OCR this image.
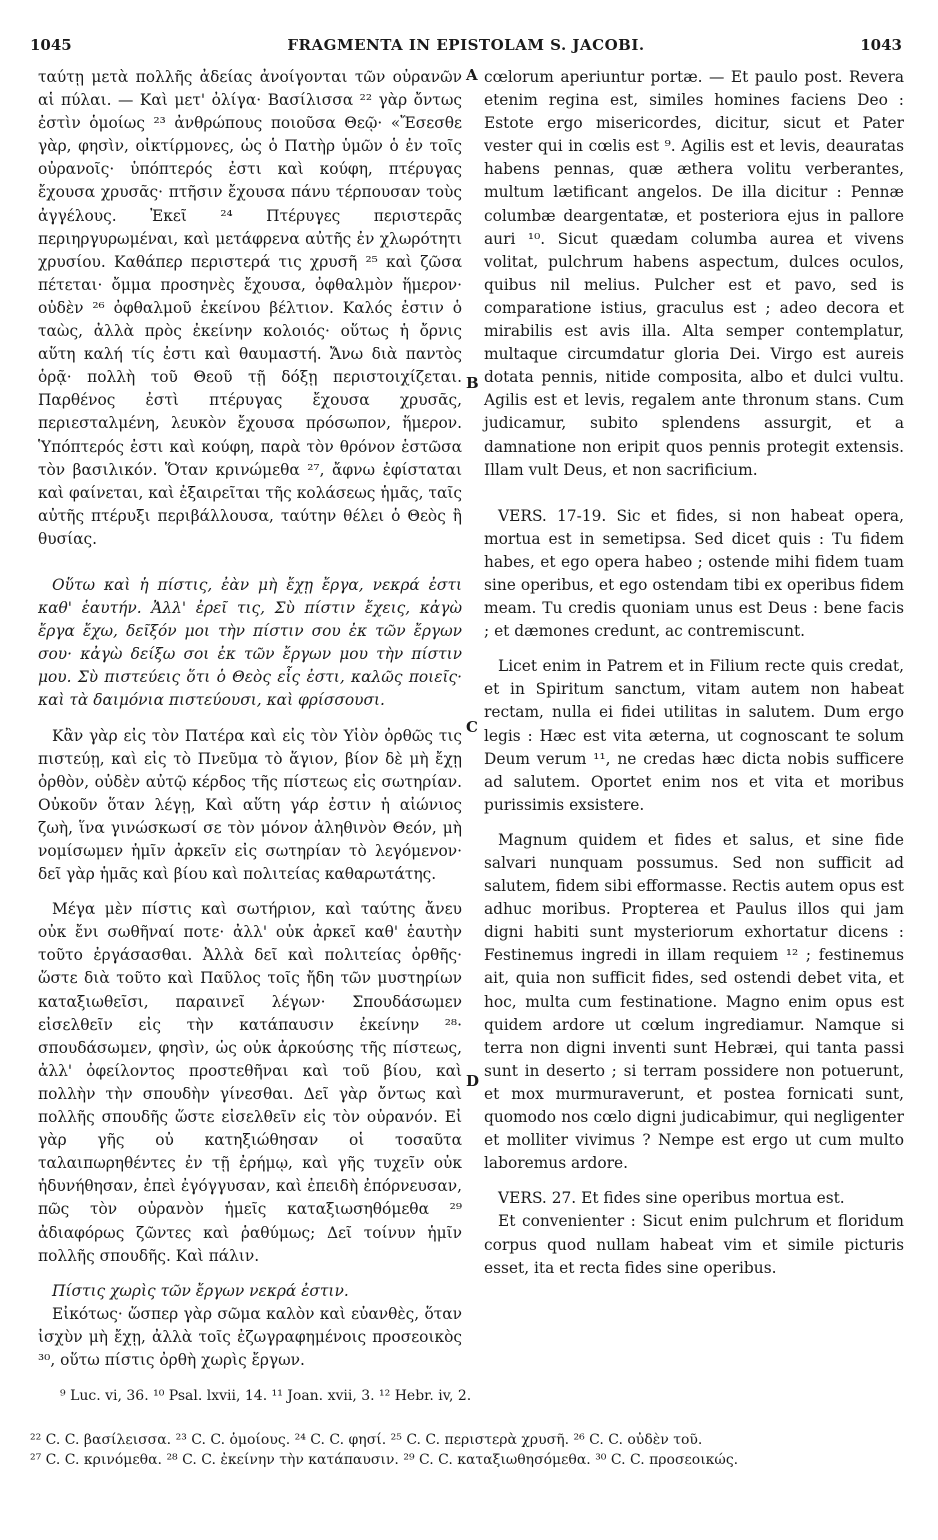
1045	FRAGMENTA IN EPISTOLAM S. JACOBI.	1043

ταύτῃ μετὰ πολλῆς ἀδείας ἀνοίγονται τῶν οὐρανῶν αἱ πύλαι. — Καὶ μετ' ὀλίγα· Βασίλισσα ²² γὰρ ὄντως ἐστὶν ὁμοίως ²³ ἀνθρώπους ποιοῦσα Θεῷ· «Ἔσεσθε γὰρ, φησὶν, οἰκτίρμονες, ὡς ὁ Πατὴρ ὑμῶν ὁ ἐν τοῖς οὐρανοῖς· ὑπόπτερός ἐστι καὶ κούφη, πτέρυγας ἔχουσα χρυσᾶς· πτῆσιν ἔχουσα πάνυ τέρπουσαν τοὺς ἀγγέλους. Ἐκεῖ ²⁴ Πτέρυγες περιστερᾶς περιηργυρωμέναι, καὶ μετάφρενα αὐτῆς ἐν χλωρότητι χρυσίου. Καθάπερ περιστερά τις χρυσῆ ²⁵ καὶ ζῶσα πέτεται· ὄμμα προσηνὲς ἔχουσα, ὀφθαλμὸν ἥμερον· οὐδὲν ²⁶ ὀφθαλμοῦ ἐκείνου βέλτιον. Καλός ἐστιν ὁ ταὼς, ἀλλὰ πρὸς ἐκείνην κολοιός· οὕτως ἡ ὄρνις αὕτη καλή τίς ἐστι καὶ θαυμαστή. Ἄνω διὰ παντὸς ὁρᾷ· πολλὴ τοῦ Θεοῦ τῇ δόξῃ περιστοιχίζεται. Παρθένος ἐστὶ πτέρυγας ἔχουσα χρυσᾶς, περιεσταλμένη, λευκὸν ἔχουσα πρόσωπον, ἥμερον. Ὑπόπτερός ἐστι καὶ κούφη, παρὰ τὸν θρόνον ἑστῶσα τὸν βασιλικόν. Ὅταν κρινώμεθα ²⁷, ἄφνω ἐφίσταται καὶ φαίνεται, καὶ ἐξαιρεῖται τῆς κολάσεως ἡμᾶς, ταῖς αὐτῆς πτέρυξι περιβάλλουσα, ταύτην θέλει ὁ Θεὸς ἢ θυσίας.

Οὕτω καὶ ἡ πίστις, ἐὰν μὴ ἔχῃ ἔργα, νεκρά ἐστι καθ' ἑαυτήν. Ἀλλ' ἐρεῖ τις, Σὺ πίστιν ἔχεις, κἀγὼ ἔργα ἔχω, δεῖξόν μοι τὴν πίστιν σου ἐκ τῶν ἔργων σου· κἀγὼ δείξω σοι ἐκ τῶν ἔργων μου τὴν πίστιν μου. Σὺ πιστεύεις ὅτι ὁ Θεὸς εἷς ἐστι, καλῶς ποιεῖς· καὶ τὰ δαιμόνια πιστεύουσι, καὶ φρίσσουσι.

Κἂν γὰρ εἰς τὸν Πατέρα καὶ εἰς τὸν Υἱὸν ὀρθῶς τις πιστεύῃ, καὶ εἰς τὸ Πνεῦμα τὸ ἅγιον, βίον δὲ μὴ ἔχῃ ὀρθὸν, οὐδὲν αὐτῷ κέρδος τῆς πίστεως εἰς σωτηρίαν. Οὐκοῦν ὅταν λέγῃ, Καὶ αὕτη γάρ ἐστιν ἡ αἰώνιος ζωὴ, ἵνα γινώσκωσί σε τὸν μόνον ἀληθινὸν Θεόν, μὴ νομίσωμεν ἡμῖν ἀρκεῖν εἰς σωτηρίαν τὸ λεγόμενον· δεῖ γὰρ ἡμᾶς καὶ βίου καὶ πολιτείας καθαρωτάτης.

Μέγα μὲν πίστις καὶ σωτήριον, καὶ ταύτης ἄνευ οὐκ ἔνι σωθῆναί ποτε· ἀλλ' οὐκ ἀρκεῖ καθ' ἑαυτὴν τοῦτο ἐργάσασθαι. Ἀλλὰ δεῖ καὶ πολιτείας ὀρθῆς· ὥστε διὰ τοῦτο καὶ Παῦλος τοῖς ἤδη τῶν μυστηρίων καταξιωθεῖσι, παραινεῖ λέγων· Σπουδάσωμεν εἰσελθεῖν εἰς τὴν κατάπαυσιν ἐκείνην ²⁸· σπουδάσωμεν, φησὶν, ὡς οὐκ ἀρκούσης τῆς πίστεως, ἀλλ' ὀφείλοντος προστεθῆναι καὶ τοῦ βίου, καὶ πολλὴν τὴν σπουδὴν γίνεσθαι. Δεῖ γὰρ ὄντως καὶ πολλῆς σπουδῆς ὥστε εἰσελθεῖν εἰς τὸν οὐρανόν. Εἰ γὰρ γῆς οὐ κατηξιώθησαν οἱ τοσαῦτα ταλαιπωρηθέντες ἐν τῇ ἐρήμῳ, καὶ γῆς τυχεῖν οὐκ ἠδυνήθησαν, ἐπεὶ ἐγόγγυσαν, καὶ ἐπειδὴ ἐπόρνευσαν, πῶς τὸν οὐρανὸν ἡμεῖς καταξιωσηθόμεθα ²⁹ ἀδιαφόρως ζῶντες καὶ ῥαθύμως; Δεῖ τοίνυν ἡμῖν πολλῆς σπουδῆς. Καὶ πάλιν.

Πίστις χωρὶς τῶν ἔργων νεκρά ἐστιν.

Εἰκότως· ὥσπερ γὰρ σῶμα καλὸν καὶ εὐανθὲς, ὅταν ἰσχὺν μὴ ἔχῃ, ἀλλὰ τοῖς ἐζωγραφημένοις προσεοικὸς ³⁰, οὕτω πίστις ὀρθὴ χωρὶς ἔργων.

cœlorum aperiuntur portæ. — Et paulo post. Revera etenim regina est, similes homines faciens Deo : Estote ergo misericordes, dicitur, sicut et Pater vester qui in cœlis est ⁹. Agilis est et levis, deauratas habens pennas, quæ æthera volitu verberantes, multum lætificant angelos. De illa dicitur : Pennæ columbæ deargentatæ, et posteriora ejus in pallore auri ¹⁰. Sicut quædam columba aurea et vivens volitat, pulchrum habens aspectum, dulces oculos, quibus nil melius. Pulcher est et pavo, sed is comparatione istius, graculus est ; adeo decora et mirabilis est avis illa. Alta semper contemplatur, multaque circumdatur gloria Dei. Virgo est aureis dotata pennis, nitide composita, albo et dulci vultu. Agilis est et levis, regalem ante thronum stans. Cum judicamur, subito splendens assurgit, et a damnatione non eripit quos pennis protegit extensis. Illam vult Deus, et non sacrificium.

VERS. 17-19. Sic et fides, si non habeat opera, mortua est in semetipsa. Sed dicet quis : Tu fidem habes, et ego opera habeo ; ostende mihi fidem tuam sine operibus, et ego ostendam tibi ex operibus fidem meam. Tu credis quoniam unus est Deus : bene facis ; et dæmones credunt, ac contremiscunt.

Licet enim in Patrem et in Filium recte quis credat, et in Spiritum sanctum, vitam autem non habeat rectam, nulla ei fidei utilitas in salutem. Dum ergo legis : Hæc est vita æterna, ut cognoscant te solum Deum verum ¹¹, ne credas hæc dicta nobis sufficere ad salutem. Oportet enim nos et vita et moribus purissimis exsistere.

Magnum quidem et fides et salus, et sine fide salvari nunquam possumus. Sed non sufficit ad salutem, fidem sibi efformasse. Rectis autem opus est adhuc moribus. Propterea et Paulus illos qui jam digni habiti sunt mysteriorum exhortatur dicens : Festinemus ingredi in illam requiem ¹² ; festinemus ait, quia non sufficit fides, sed ostendi debet vita, et hoc, multa cum festinatione. Magno enim opus est quidem ardore ut cœlum ingrediamur. Namque si terra non digni inventi sunt Hebræi, qui tanta passi sunt in deserto ; si terram possidere non potuerunt, et mox murmuraverunt, et postea fornicati sunt, quomodo nos cœlo digni judicabimur, qui negligenter et molliter vivimus ? Nempe est ergo ut cum multo laboremus ardore.

VERS. 27. Et fides sine operibus mortua est.

Et convenienter : Sicut enim pulchrum et floridum corpus quod nullam habeat vim et simile picturis esset, ita et recta fides sine operibus.

A
B
C
D
⁹ Luc. vi, 36. ¹⁰ Psal. lxvii, 14. ¹¹ Joan. xvii, 3. ¹² Hebr. iv, 2.
²² C. C. βασίλεισσα. ²³ C. C. ὁμοίους. ²⁴ C. C. φησί. ²⁵ C. C. περιστερὰ χρυσῆ. ²⁶ C. C. οὐδὲν τοῦ.
²⁷ C. C. κρινόμεθα. ²⁸ C. C. ἐκείνην τὴν κατάπαυσιν. ²⁹ C. C. καταξιωθησόμεθα. ³⁰ C. C. προσεοικώς.
